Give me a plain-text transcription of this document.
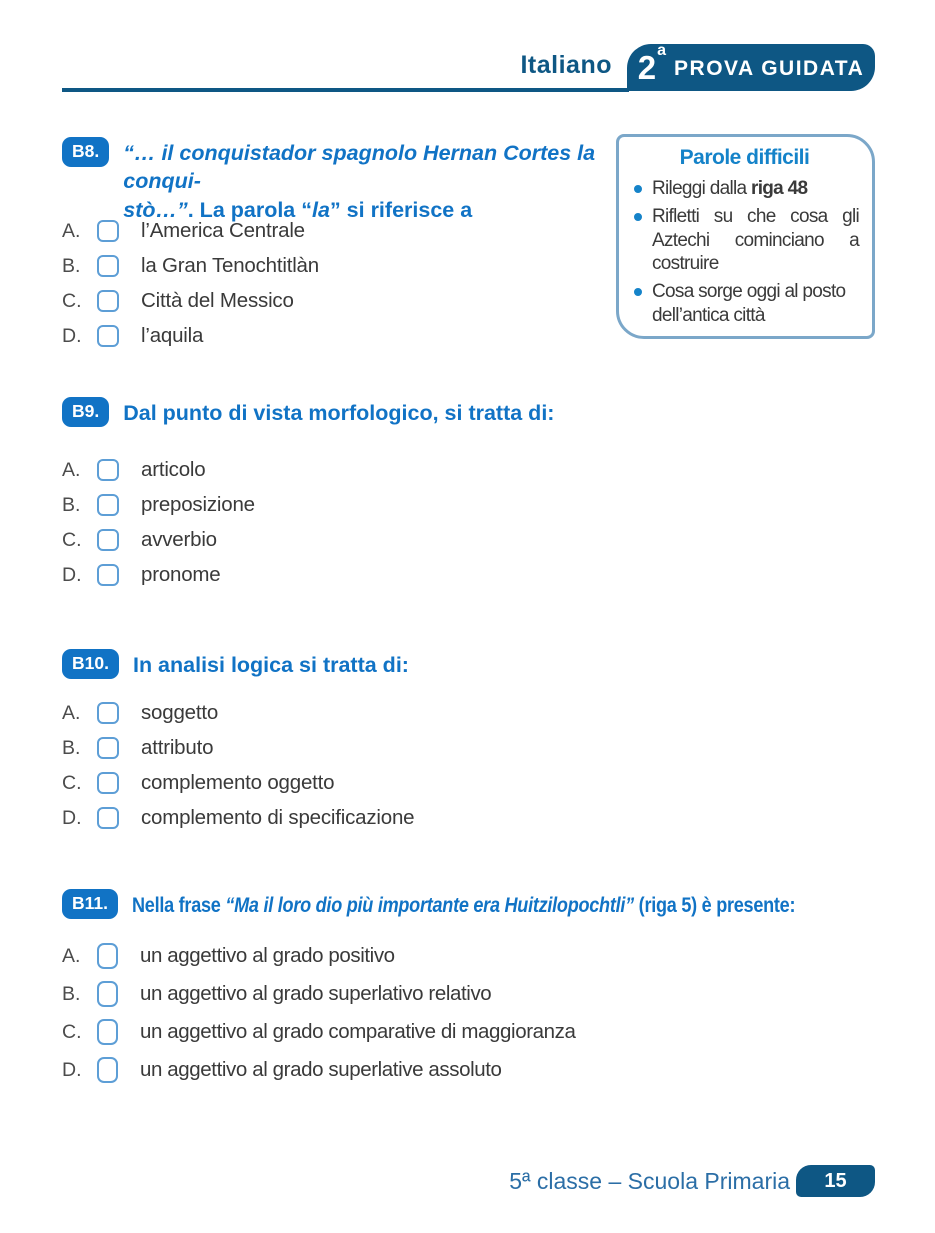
Italiano 2a
PROVA GUIDATA
B8.	“… il conquistador spagnolo Hernan Cortes la conqui-
stò…”. La parola “la” si riferisce a
A.	l’America Centrale
B.	la Gran Tenochtitlàn
C.	Città del Messico
D.	l’aquila
Parole difficili
Rileggi dalla riga 48
Rifletti su che cosa gli Aztechi cominciano a costruire
Cosa sorge oggi al posto dell’antica città
B9.	Dal punto di vista morfologico, si tratta di:
A.	articolo
B.	preposizione
C.	avverbio
D.	pronome
B10.	In analisi logica si tratta di:
A.	soggetto
B.	attributo
C.	complemento oggetto
D.	complemento di specificazione
B11.	Nella frase “Ma il loro dio più importante era Huitzilopochtli” (riga 5) è presente:
A.	un aggettivo al grado positivo
B.	un aggettivo al grado superlativo relativo
C.	un aggettivo al grado comparative di maggioranza
D.	un aggettivo al grado superlative assoluto
5ª classe – Scuola Primaria	15
